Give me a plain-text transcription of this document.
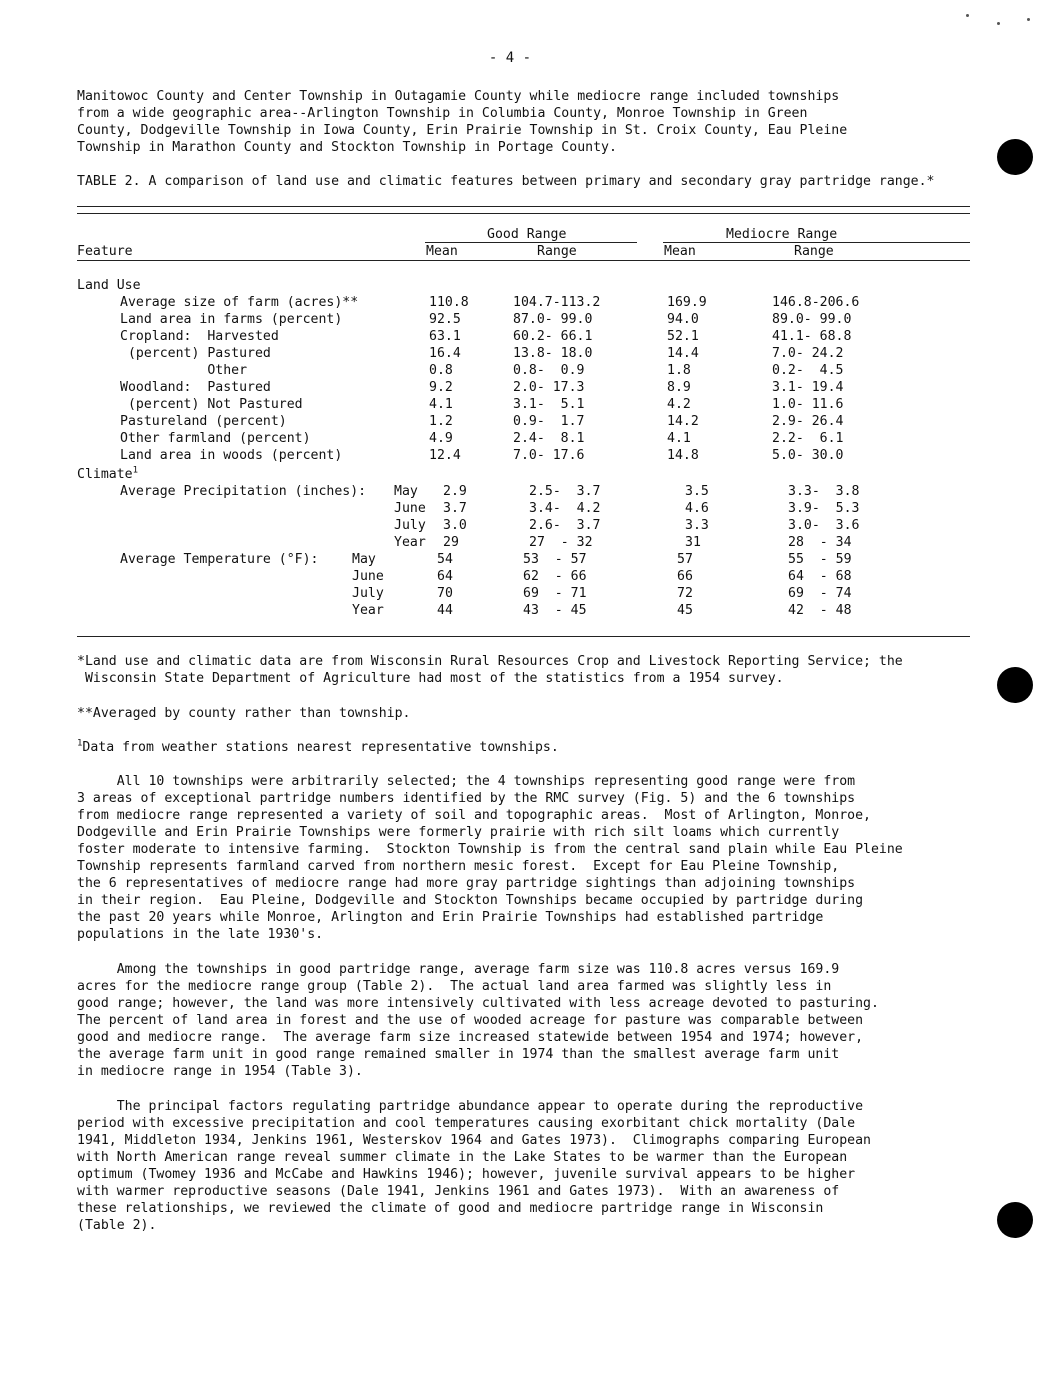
- 4 -
Manitowoc County and Center Township in Outagamie County while mediocre range included townships
from a wide geographic area--Arlington Township in Columbia County, Monroe Township in Green
County, Dodgeville Township in Iowa County, Erin Prairie Township in St. Croix County, Eau Pleine
Township in Marathon County and Stockton Township in Portage County.
TABLE 2. A comparison of land use and climatic features between primary and secondary gray partridge range.*
Good Range	Mediocre Range
Feature	Mean	Range	Mean	Range
Land Use
Average size of farm (acres)**	110.8	104.7-113.2	169.9	146.8-206.6
Land area in farms (percent)	92.5	87.0- 99.0	94.0	89.0- 99.0
Cropland:  Harvested	63.1	60.2- 66.1	52.1	41.1- 68.8
(percent) Pastured	16.4	13.8- 18.0	14.4	7.0- 24.2
Other	0.8	0.8-  0.9	1.8	0.2-  4.5
Woodland:  Pastured	9.2	2.0- 17.3	8.9	3.1- 19.4
(percent) Not Pastured	4.1	3.1-  5.1	4.2	1.0- 11.6
Pastureland (percent)	1.2	0.9-  1.7	14.2	2.9- 26.4
Other farmland (percent)	4.9	2.4-  8.1	4.1	2.2-  6.1
Land area in woods (percent)	12.4	7.0- 17.6	14.8	5.0- 30.0
Climate$^1$
Average Precipitation (inches): May 2.9	2.5-  3.7	3.5	3.3-  3.8
June 3.7	3.4-  4.2	4.6	3.9-  5.3
July 3.0	2.6-  3.7	3.3	3.0-  3.6
Year 29	27  - 32	31	28  - 34
Average Temperature (°F):	May	54	53  - 57	57	55  - 59
June	64	62  - 66	66	64  - 68
July	70	69  - 71	72	69  - 74
Year	44	43  - 45	45	42  - 48
*Land use and climatic data are from Wisconsin Rural Resources Crop and Livestock Reporting Service; the
Wisconsin State Department of Agriculture had most of the statistics from a 1954 survey.
**Averaged by county rather than township.
$^1$Data from weather stations nearest representative townships.
All 10 townships were arbitrarily selected; the 4 townships representing good range were from
3 areas of exceptional partridge numbers identified by the RMC survey (Fig. 5) and the 6 townships
from mediocre range represented a variety of soil and topographic areas.  Most of Arlington, Monroe,
Dodgeville and Erin Prairie Townships were formerly prairie with rich silt loams which currently
foster moderate to intensive farming.  Stockton Township is from the central sand plain while Eau Pleine
Township represents farmland carved from northern mesic forest.  Except for Eau Pleine Township,
the 6 representatives of mediocre range had more gray partridge sightings than adjoining townships
in their region.  Eau Pleine, Dodgeville and Stockton Townships became occupied by partridge during
the past 20 years while Monroe, Arlington and Erin Prairie Townships had established partridge
populations in the late 1930's.
Among the townships in good partridge range, average farm size was 110.8 acres versus 169.9
acres for the mediocre range group (Table 2).  The actual land area farmed was slightly less in
good range; however, the land was more intensively cultivated with less acreage devoted to pasturing.
The percent of land area in forest and the use of wooded acreage for pasture was comparable between
good and mediocre range.  The average farm size increased statewide between 1954 and 1974; however,
the average farm unit in good range remained smaller in 1974 than the smallest average farm unit
in mediocre range in 1954 (Table 3).
The principal factors regulating partridge abundance appear to operate during the reproductive
period with excessive precipitation and cool temperatures causing exorbitant chick mortality (Dale
1941, Middleton 1934, Jenkins 1961, Westerskov 1964 and Gates 1973).  Climographs comparing European
with North American range reveal summer climate in the Lake States to be warmer than the European
optimum (Twomey 1936 and McCabe and Hawkins 1946); however, juvenile survival appears to be higher
with warmer reproductive seasons (Dale 1941, Jenkins 1961 and Gates 1973).  With an awareness of
these relationships, we reviewed the climate of good and mediocre partridge range in Wisconsin
(Table 2).
